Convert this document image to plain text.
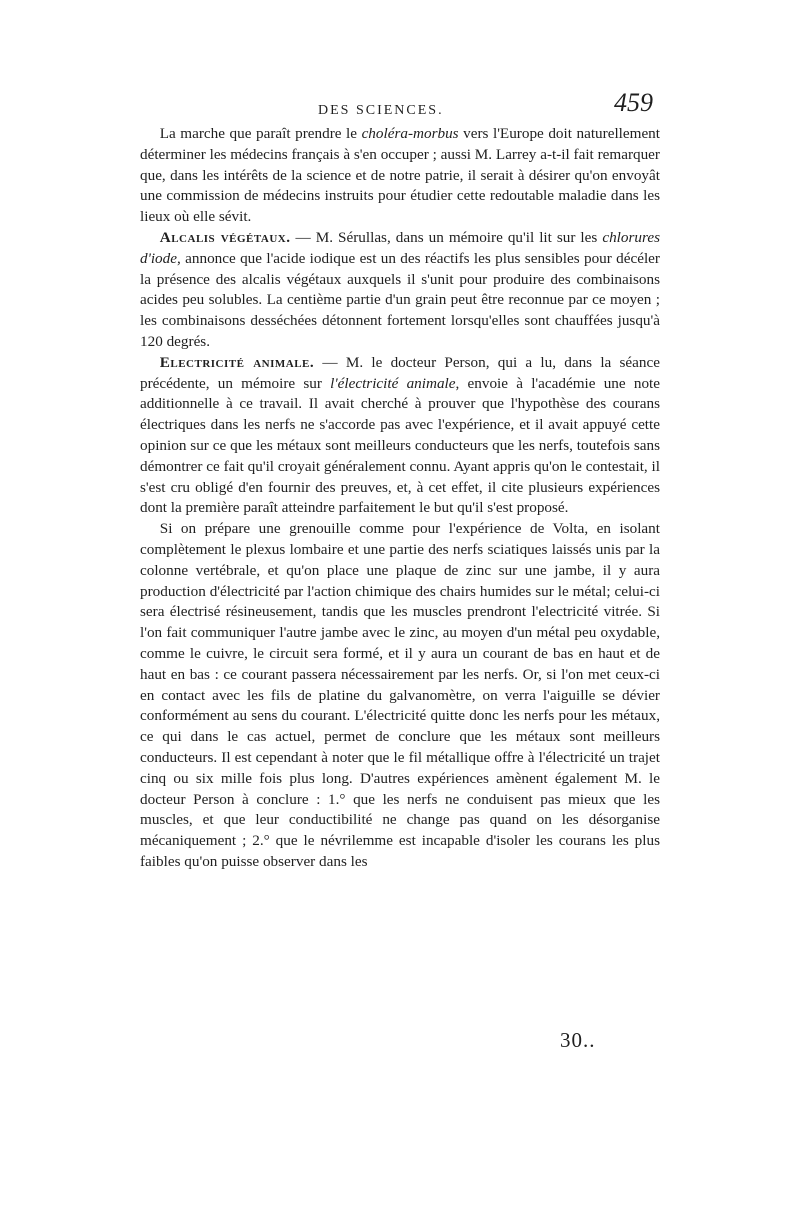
DES SCIENCES.	459

La marche que paraît prendre le choléra-morbus vers l'Europe doit naturellement déterminer les médecins français à s'en occuper ; aussi M. Larrey a-t-il fait remarquer que, dans les intérêts de la science et de notre patrie, il serait à désirer qu'on envoyât une commission de médecins instruits pour étudier cette redoutable maladie dans les lieux où elle sévit.

Alcalis végétaux. — M. Sérullas, dans un mémoire qu'il lit sur les chlorures d'iode, annonce que l'acide iodique est un des réactifs les plus sensibles pour décéler la présence des alcalis végétaux auxquels il s'unit pour produire des combinaisons acides peu solubles. La centième partie d'un grain peut être reconnue par ce moyen ; les combinaisons desséchées détonnent fortement lorsqu'elles sont chauffées jusqu'à 120 degrés.

Electricité animale. — M. le docteur Person, qui a lu, dans la séance précédente, un mémoire sur l'électricité animale, envoie à l'académie une note additionnelle à ce travail. Il avait cherché à prouver que l'hypothèse des courans électriques dans les nerfs ne s'accorde pas avec l'expérience, et il avait appuyé cette opinion sur ce que les métaux sont meilleurs conducteurs que les nerfs, toutefois sans démontrer ce fait qu'il croyait généralement connu. Ayant appris qu'on le contestait, il s'est cru obligé d'en fournir des preuves, et, à cet effet, il cite plusieurs expériences dont la première paraît atteindre parfaitement le but qu'il s'est proposé.

Si on prépare une grenouille comme pour l'expérience de Volta, en isolant complètement le plexus lombaire et une partie des nerfs sciatiques laissés unis par la colonne vertébrale, et qu'on place une plaque de zinc sur une jambe, il y aura production d'électricité par l'action chimique des chairs humides sur le métal; celui-ci sera électrisé résineusement, tandis que les muscles prendront l'electricité vitrée. Si l'on fait communiquer l'autre jambe avec le zinc, au moyen d'un métal peu oxydable, comme le cuivre, le circuit sera formé, et il y aura un courant de bas en haut et de haut en bas : ce courant passera nécessairement par les nerfs. Or, si l'on met ceux-ci en contact avec les fils de platine du galvanomètre, on verra l'aiguille se dévier conformément au sens du courant. L'électricité quitte donc les nerfs pour les métaux, ce qui dans le cas actuel, permet de conclure que les métaux sont meilleurs conducteurs. Il est cependant à noter que le fil métallique offre à l'électricité un trajet cinq ou six mille fois plus long. D'autres expériences amènent également M. le docteur Person à conclure : 1.° que les nerfs ne conduisent pas mieux que les muscles, et que leur conductibilité ne change pas quand on les désorganise mécaniquement ; 2.° que le névrilemme est incapable d'isoler les courans les plus faibles qu'on puisse observer dans les

30..
